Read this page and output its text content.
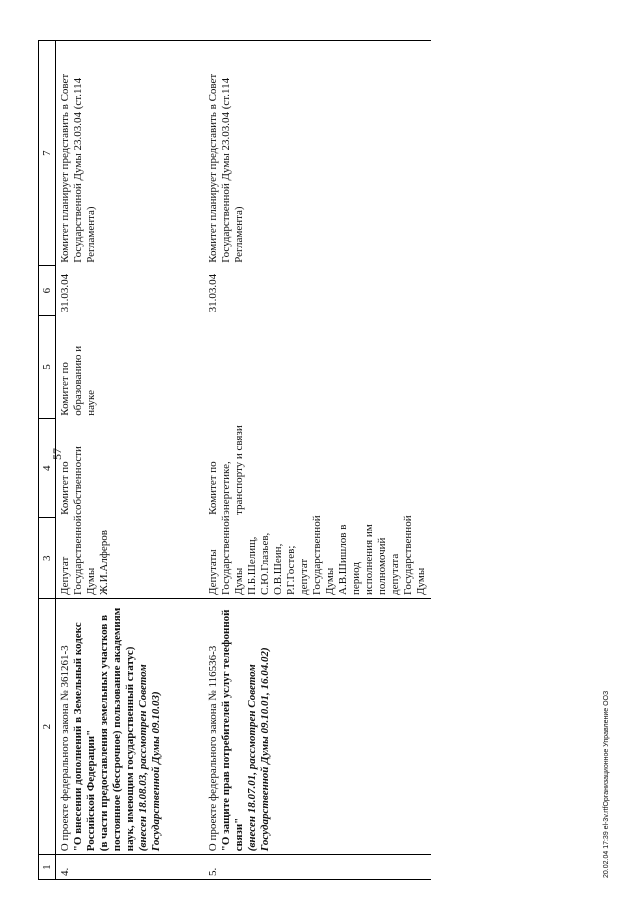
57
1	2	3	4	5	6	7

4.	О проекте федерального закона № 361261-3 "О внесении дополнений в Земельный кодекс Российской Федерации" (в части предоставления земельных участков в постоянное (бессрочное) пользование академиям наук, имеющим государственный статус) (внесен 18.08.03, рассмотрен Советом Государственной Думы 09.10.03)	Депутат Государственной Думы Ж.И.Алферов	Комитет по собственности	Комитет по образованию и науке	31.03.04	Комитет планирует представить в Совет Государственной Думы 23.03.04 (ст.114 Регламента)

5.	О проекте федерального закона № 116536-3 "О защите прав потребителей услуг телефонной связи" (внесен 18.07.01, рассмотрен Советом Государственной Думы 09.10.01, 16.04.02)	Депутаты Государственной Думы П.Б.Шелищ, С.Ю.Глазьев, О.В.Шеин, Р.Г.Гостев; депутат Государственной Думы А.В.Шишлов в период исполнения им полномочий депутата Государственной Думы	Комитет по энергетике, транспорту и связи		31.03.04	Комитет планирует представить в Совет Государственной Думы 23.03.04 (ст.114 Регламента)
20.02.04 17:39 el-3v.rtfОрганизационное Управление ООЗ
